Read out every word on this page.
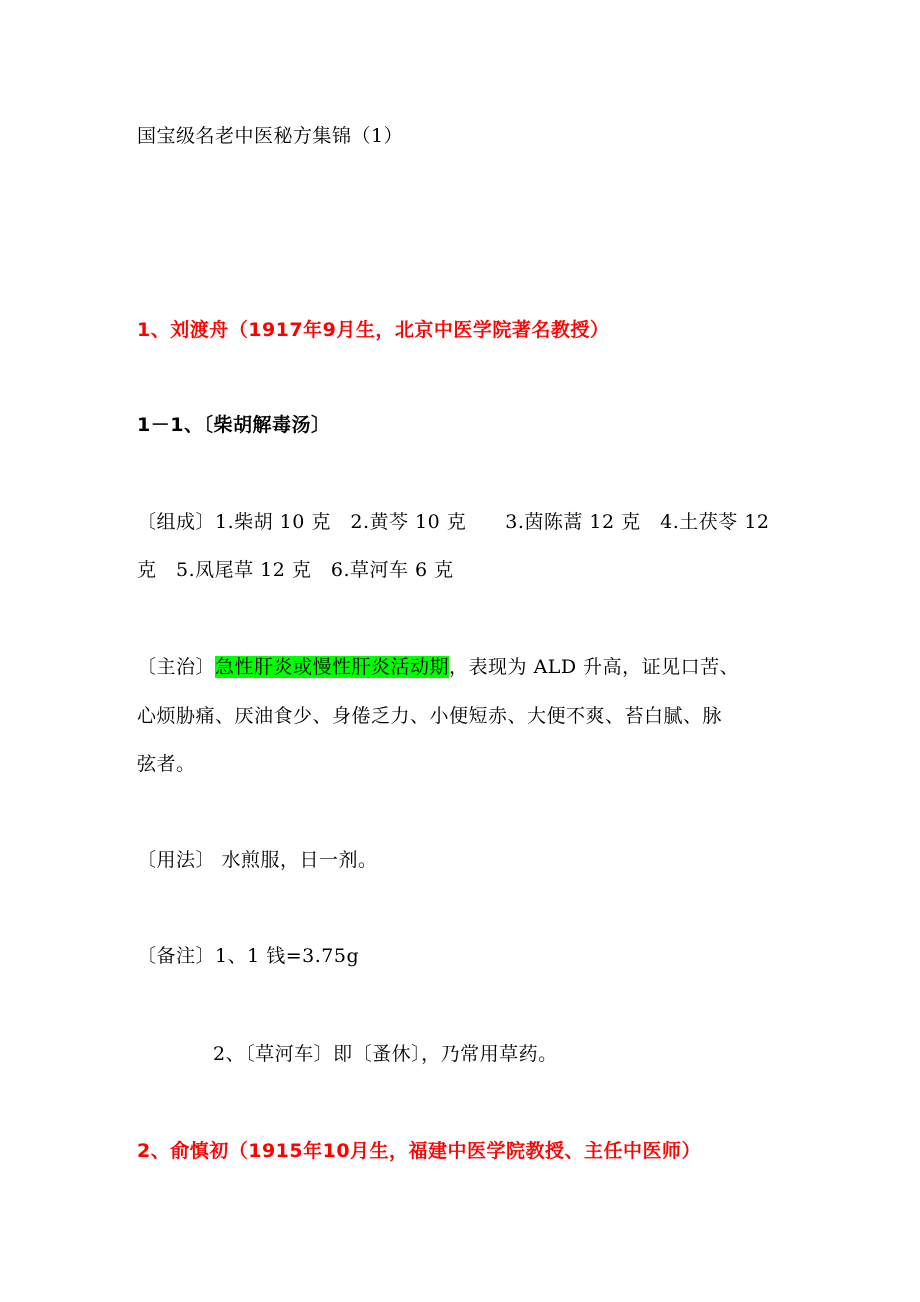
国宝级名老中医秘方集锦（1）
1、刘渡舟（1917年9月生，北京中医学院著名教授）
1－1、〔柴胡解毒汤〕
〔组成〕1.柴胡 10 克　2.黄芩 10 克　　3.茵陈蒿 12 克　4.土茯苓 12
克　5.凤尾草 12 克　6.草河车 6 克
〔主治〕急性肝炎或慢性肝炎活动期，表现为 ALD 升高，证见口苦、
心烦胁痛、厌油食少、身倦乏力、小便短赤、大便不爽、苔白腻、脉
弦者。
〔用法〕 水煎服，日一剂。
〔备注〕1、1 钱=3.75g
2、〔草河车〕即〔蚤休〕，乃常用草药。
2、俞慎初（1915年10月生，福建中医学院教授、主任中医师）
